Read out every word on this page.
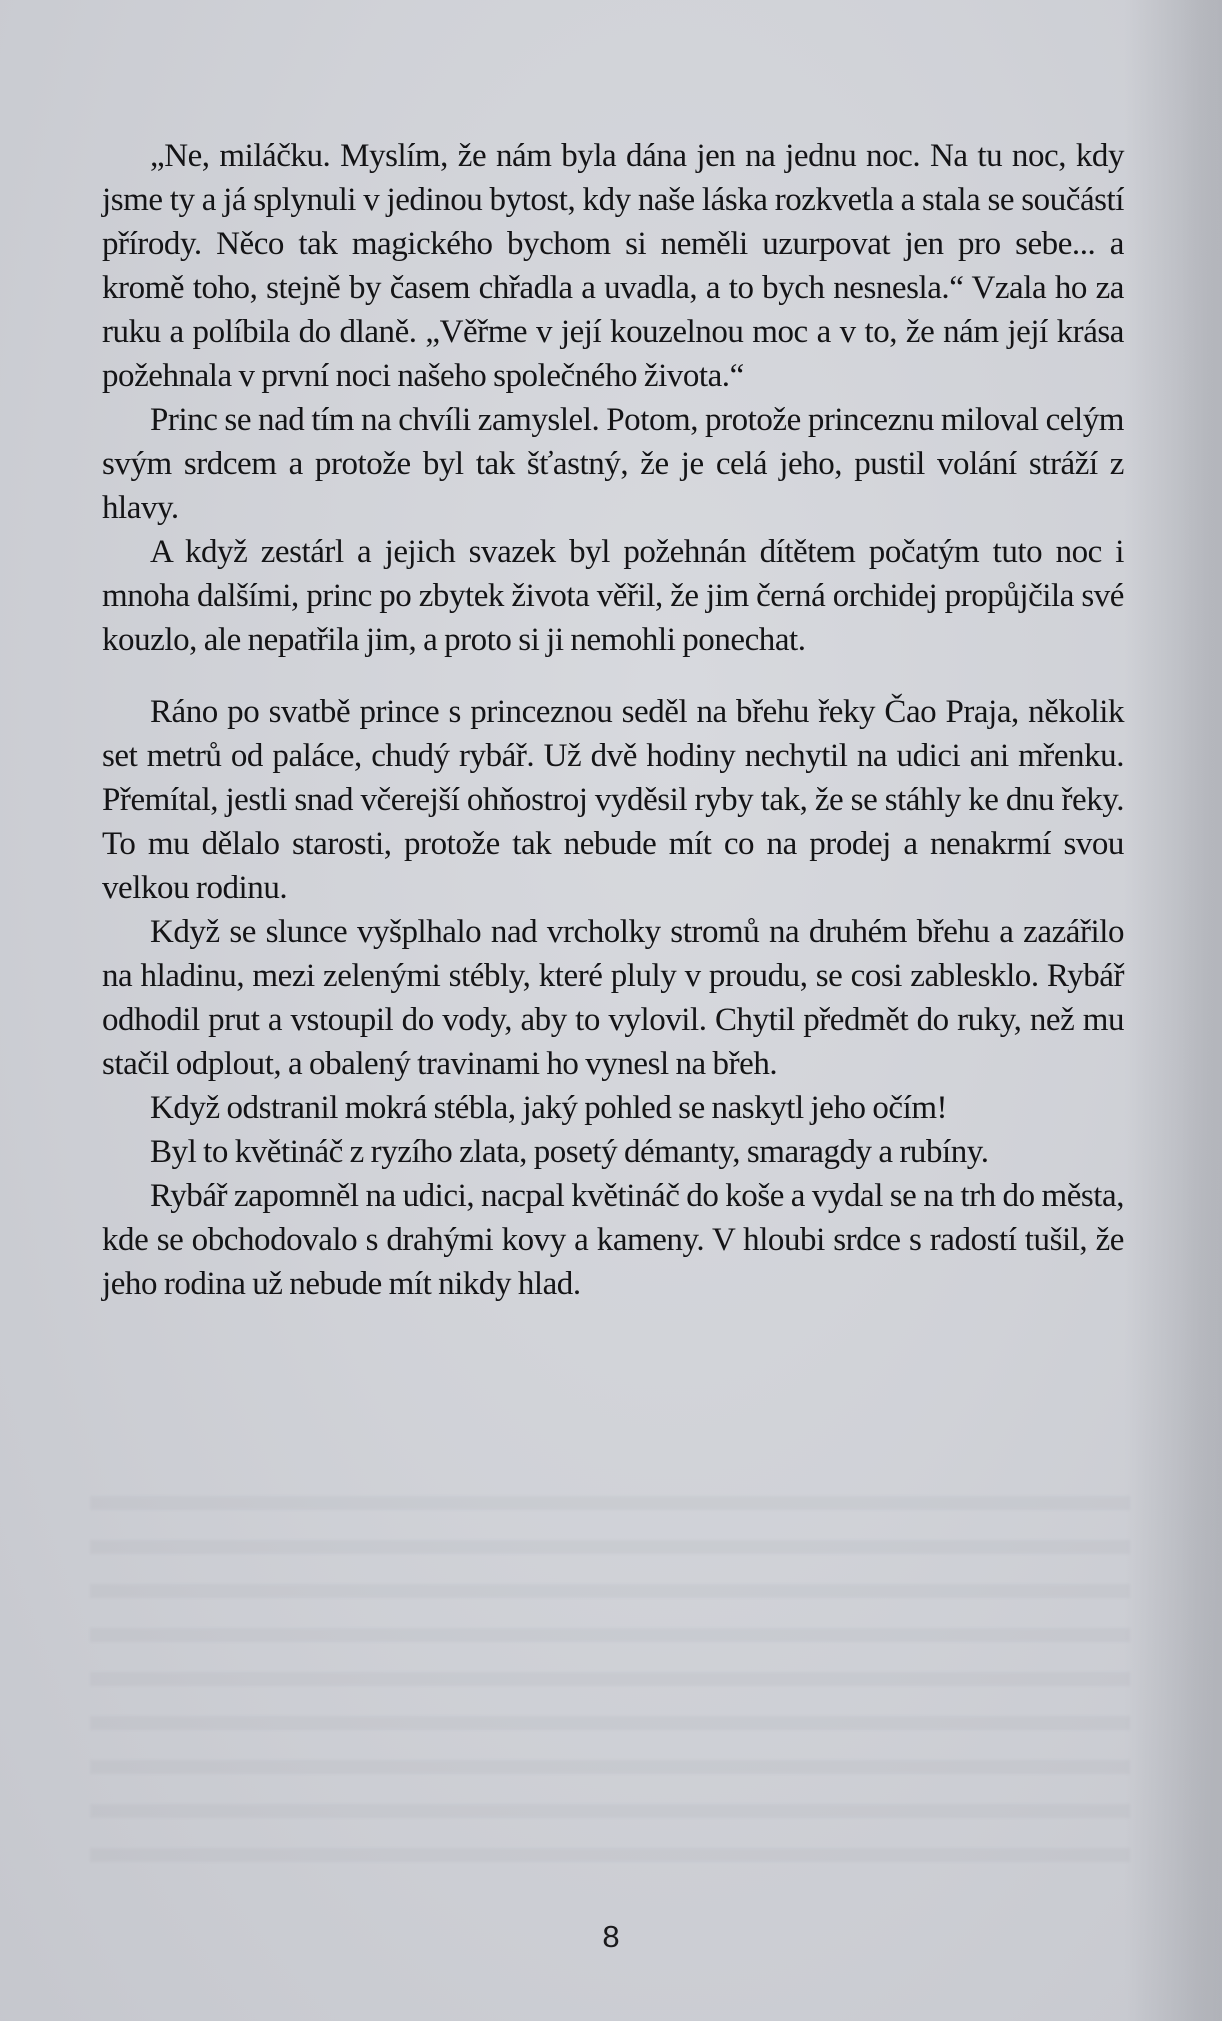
„Ne, miláčku. Myslím, že nám byla dána jen na jednu noc. Na tu noc, kdy jsme ty a já splynuli v jedinou bytost, kdy naše láska rozkvetla a stala se součástí přírody. Něco tak magického bychom si neměli uzurpovat jen pro sebe... a kromě toho, stejně by časem chřadla a uvadla, a to bych nesnesla.“ Vzala ho za ruku a políbila do dlaně. „Věřme v její kouzelnou moc a v to, že nám její krása požehnala v první noci našeho společného života.“

Princ se nad tím na chvíli zamyslel. Potom, protože princeznu miloval celým svým srdcem a protože byl tak šťastný, že je celá jeho, pustil volání stráží z hlavy.

A když zestárl a jejich svazek byl požehnán dítětem počatým tuto noc i mnoha dalšími, princ po zbytek života věřil, že jim černá orchidej propůjčila své kouzlo, ale nepatřila jim, a proto si ji nemohli ponechat.

Ráno po svatbě prince s princeznou seděl na břehu řeky Čao Praja, několik set metrů od paláce, chudý rybář. Už dvě hodiny nechytil na udici ani mřenku. Přemítal, jestli snad včerejší ohňostroj vyděsil ryby tak, že se stáhly ke dnu řeky. To mu dělalo starosti, protože tak nebude mít co na prodej a nenakrmí svou velkou rodinu.

Když se slunce vyšplhalo nad vrcholky stromů na druhém břehu a zazářilo na hladinu, mezi zelenými stébly, které pluly v proudu, se cosi zablesklo. Rybář odhodil prut a vstoupil do vody, aby to vylovil. Chytil předmět do ruky, než mu stačil odplout, a obalený travinami ho vynesl na břeh.

Když odstranil mokrá stébla, jaký pohled se naskytl jeho očím!

Byl to květináč z ryzího zlata, posetý démanty, smaragdy a rubíny.

Rybář zapomněl na udici, nacpal květináč do koše a vydal se na trh do města, kde se obchodovalo s drahými kovy a kameny. V hloubi srdce s radostí tušil, že jeho rodina už nebude mít nikdy hlad.

8
